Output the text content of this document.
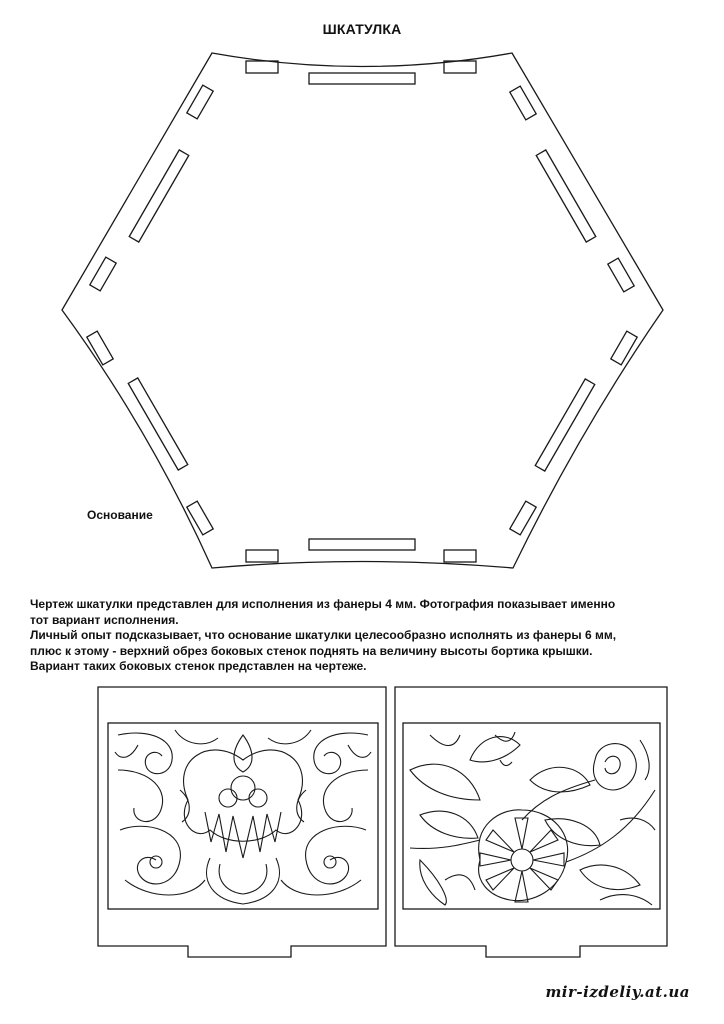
ШКАТУЛКА
Основание
Чертеж шкатулки представлен для исполнения из фанеры 4 мм. Фотография показывает именно
тот вариант исполнения.
Личный опыт подсказывает, что основание шкатулки целесообразно исполнять из фанеры 6 мм,
плюс к этому - верхний обрез боковых стенок поднять на величину высоты бортика крышки.
Вариант таких боковых стенок представлен на чертеже.
mir-izdeliy.at.ua
